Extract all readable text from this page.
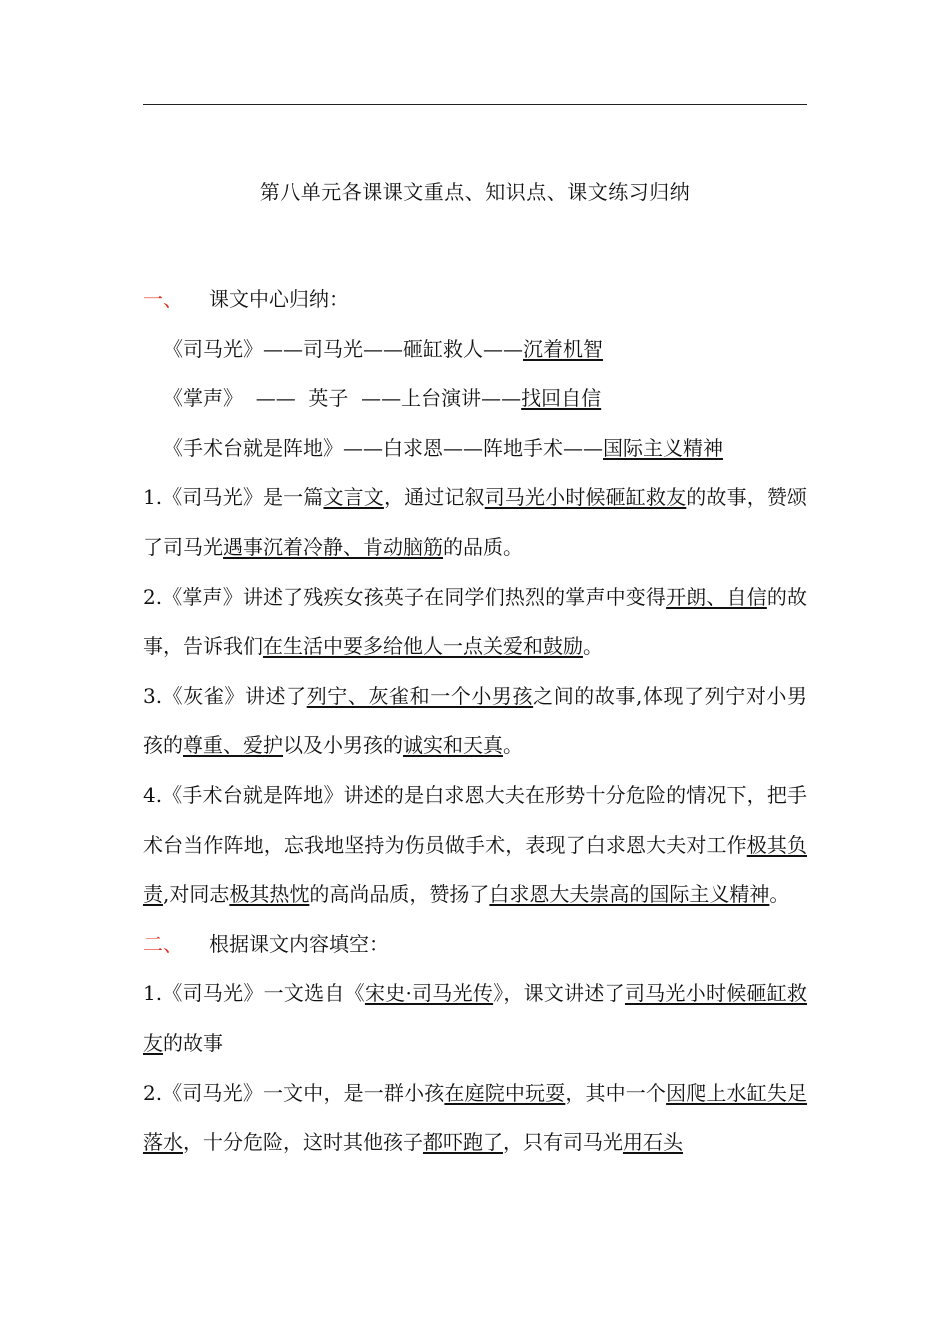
第八单元各课课文重点、知识点、课文练习归纳

一、 课文中心归纳：

《司马光》——司马光——砸缸救人——沉着机智

《掌声》  ——  英子  ——上台演讲——找回自信

《手术台就是阵地》——白求恩——阵地手术——国际主义精神

1.《司马光》是一篇文言文，通过记叙司马光小时候砸缸救友的故事，赞颂了司马光遇事沉着冷静、肯动脑筋的品质。

2.《掌声》讲述了残疾女孩英子在同学们热烈的掌声中变得开朗、自信的故事，告诉我们在生活中要多给他人一点关爱和鼓励。

3.《灰雀》讲述了列宁、灰雀和一个小男孩之间的故事,体现了列宁对小男孩的尊重、爱护以及小男孩的诚实和天真。

4.《手术台就是阵地》讲述的是白求恩大夫在形势十分危险的情况下，把手术台当作阵地，忘我地坚持为伤员做手术，表现了白求恩大夫对工作极其负责,对同志极其热忱的高尚品质，赞扬了白求恩大夫崇高的国际主义精神。

二、 根据课文内容填空：

1.《司马光》一文选自《宋史·司马光传》，课文讲述了司马光小时候砸缸救友的故事

2.《司马光》一文中，是一群小孩在庭院中玩耍，其中一个因爬上水缸失足落水，十分危险，这时其他孩子都吓跑了，只有司马光用石头
